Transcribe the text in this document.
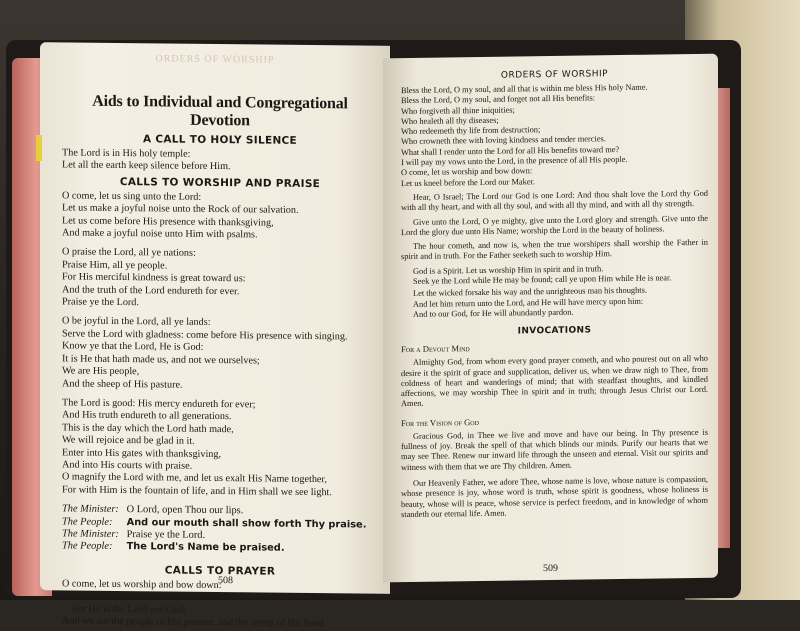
ORDERS OF WORSHIP
Aids to Individual and Congregational Devotion
A CALL TO HOLY SILENCE
The Lord is in His holy temple:
Let all the earth keep silence before Him.
CALLS TO WORSHIP AND PRAISE
O come, let us sing unto the Lord:
Let us make a joyful noise unto the Rock of our salvation.
Let us come before His presence with thanksgiving,
And make a joyful noise unto Him with psalms.
O praise the Lord, all ye nations:
Praise Him, all ye people.
For His merciful kindness is great toward us:
And the truth of the Lord endureth for ever.
Praise ye the Lord.
O be joyful in the Lord, all ye lands:
Serve the Lord with gladness: come before His presence with singing.
Know ye that the Lord, He is God:
It is He that hath made us, and not we ourselves;
We are His people,
And the sheep of His pasture.
The Lord is good: His mercy endureth for ever;
And His truth endureth to all generations.
This is the day which the Lord hath made,
We will rejoice and be glad in it.
Enter into His gates with thanksgiving,
And into His courts with praise.
O magnify the Lord with me, and let us exalt His Name together,
For with Him is the fountain of life, and in Him shall we see light.
The Minister: O Lord, open Thou our lips.
The People: And our mouth shall show forth Thy praise.
The Minister: Praise ye the Lord.
The People: The Lord's Name be praised.
CALLS TO PRAYER
O come, let us worship and bow down:
Let us kneel before the Lord our Maker.
For He is the Lord our God;
And we are the people of His pasture, and the sheep of His hand.
508
ORDERS OF WORSHIP
Bless the Lord, O my soul, and all that is within me bless His holy Name.
Bless the Lord, O my soul, and forget not all His benefits:
Who forgiveth all thine iniquities;
Who healeth all thy diseases;
Who redeemeth thy life from destruction;
Who crowneth thee with loving kindness and tender mercies.
What shall I render unto the Lord for all His benefits toward me?
I will pay my vows unto the Lord, in the presence of all His people.
O come, let us worship and bow down:
Let us kneel before the Lord our Maker.

Hear, O Israel; The Lord our God is one Lord: And thou shalt love the Lord thy God with all thy heart, and with all thy soul, and with all thy mind, and with all thy strength.

Give unto the Lord, O ye mighty, give unto the Lord glory and strength. Give unto the Lord the glory due unto His Name; worship the Lord in the beauty of holiness.

The hour cometh, and now is, when the true worshipers shall worship the Father in spirit and in truth. For the Father seeketh such to worship Him.

God is a Spirit. Let us worship Him in spirit and in truth.

Seek ye the Lord while He may be found; call ye upon Him while He is near.

Let the wicked forsake his way and the unrighteous man his thoughts.
And let him return unto the Lord, and He will have mercy upon him:
And to our God, for He will abundantly pardon.
INVOCATIONS
For a Devout Mind

Almighty God, from whom every good prayer cometh, and who pourest out on all who desire it the spirit of grace and supplication, deliver us, when we draw nigh to Thee, from coldness of heart and wanderings of mind; that with steadfast thoughts, and kindled affections, we may worship Thee in spirit and in truth; through Jesus Christ our Lord. Amen.

For the Vision of God

Gracious God, in Thee we live and move and have our being. In Thy presence is fullness of joy. Break the spell of that which blinds our minds. Purify our hearts that we may see Thee. Renew our inward life through the unseen and eternal. Visit our spirits and witness with them that we are Thy children. Amen.

Our Heavenly Father, we adore Thee, whose name is love, whose nature is compassion, whose presence is joy, whose word is truth, whose spirit is goodness, whose holiness is beauty, whose will is peace, whose service is perfect freedom, and in knowledge of whom standeth our eternal life. Amen.

509
